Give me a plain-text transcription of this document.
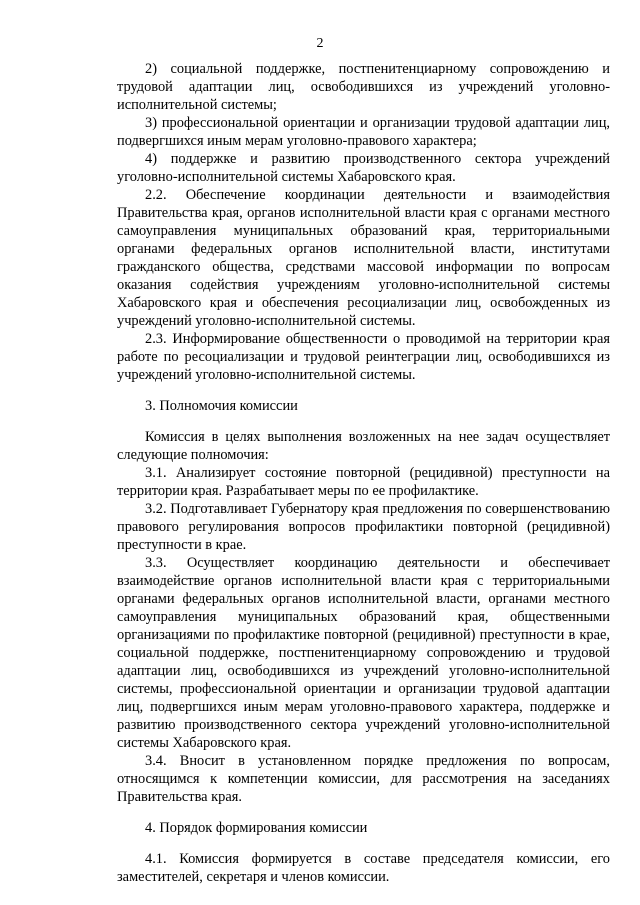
2

2) социальной поддержке, постпенитенциарному сопровождению и трудовой адаптации лиц, освободившихся из учреждений уголовно-исполнительной системы;

3) профессиональной ориентации и организации трудовой адаптации лиц, подвергшихся иным мерам уголовно-правового характера;

4) поддержке и развитию производственного сектора учреждений уголовно-исполнительной системы Хабаровского края.

2.2. Обеспечение координации деятельности и взаимодействия Правительства края, органов исполнительной власти края с органами местного самоуправления муниципальных образований края, территориальными органами федеральных органов исполнительной власти, институтами гражданского общества, средствами массовой информации по вопросам оказания содействия учреждениям уголовно-исполнительной системы Хабаровского края и обеспечения ресоциализации лиц, освобожденных из учреждений уголовно-исполнительной системы.

2.3. Информирование общественности о проводимой на территории края работе по ресоциализации и трудовой реинтеграции лиц, освободившихся из учреждений уголовно-исполнительной системы.

3. Полномочия комиссии

Комиссия в целях выполнения возложенных на нее задач осуществляет следующие полномочия:

3.1. Анализирует состояние повторной (рецидивной) преступности на территории края. Разрабатывает меры по ее профилактике.

3.2. Подготавливает Губернатору края предложения по совершенствованию правового регулирования вопросов профилактики повторной (рецидивной) преступности в крае.

3.3. Осуществляет координацию деятельности и обеспечивает взаимодействие органов исполнительной власти края с территориальными органами федеральных органов исполнительной власти, органами местного самоуправления муниципальных образований края, общественными организациями по профилактике повторной (рецидивной) преступности в крае, социальной поддержке, постпенитенциарному сопровождению и трудовой адаптации лиц, освободившихся из учреждений уголовно-исполнительной системы, профессиональной ориентации и организации трудовой адаптации лиц, подвергшихся иным мерам уголовно-правового характера, поддержке и развитию производственного сектора учреждений уголовно-исполнительной системы Хабаровского края.

3.4. Вносит в установленном порядке предложения по вопросам, относящимся к компетенции комиссии, для рассмотрения на заседаниях Правительства края.

4. Порядок формирования комиссии

4.1. Комиссия формируется в составе председателя комиссии, его заместителей, секретаря и членов комиссии.
